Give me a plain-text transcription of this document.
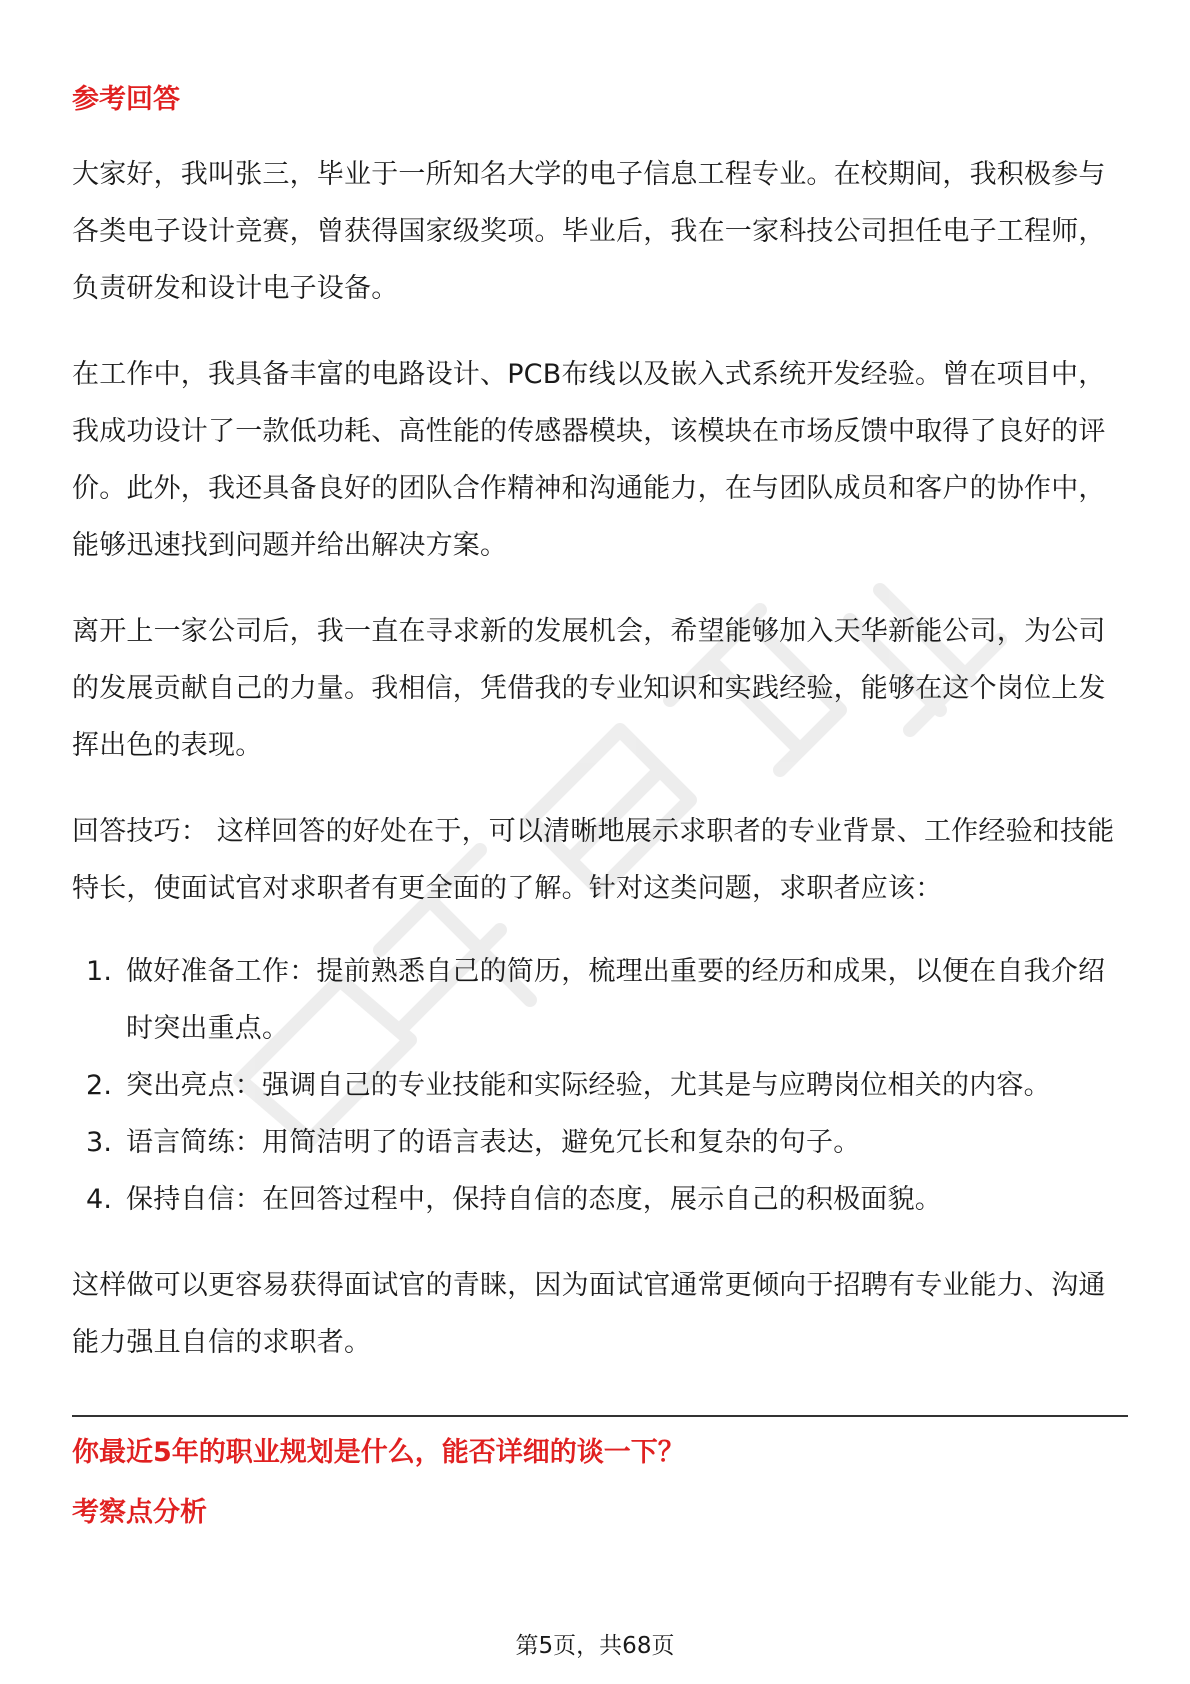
参考回答

大家好，我叫张三，毕业于一所知名大学的电子信息工程专业。在校期间，我积极参与各类电子设计竞赛，曾获得国家级奖项。毕业后，我在一家科技公司担任电子工程师，负责研发和设计电子设备。

在工作中，我具备丰富的电路设计、PCB布线以及嵌入式系统开发经验。曾在项目中，我成功设计了一款低功耗、高性能的传感器模块，该模块在市场反馈中取得了良好的评价。此外，我还具备良好的团队合作精神和沟通能力，在与团队成员和客户的协作中，能够迅速找到问题并给出解决方案。

离开上一家公司后，我一直在寻求新的发展机会，希望能够加入天华新能公司，为公司的发展贡献自己的力量。我相信，凭借我的专业知识和实践经验，能够在这个岗位上发挥出色的表现。

回答技巧： 这样回答的好处在于，可以清晰地展示求职者的专业背景、工作经验和技能特长，使面试官对求职者有更全面的了解。针对这类问题，求职者应该：

1. 做好准备工作：提前熟悉自己的简历，梳理出重要的经历和成果，以便在自我介绍时突出重点。
2. 突出亮点：强调自己的专业技能和实际经验，尤其是与应聘岗位相关的内容。
3. 语言简练：用简洁明了的语言表达，避免冗长和复杂的句子。
4. 保持自信：在回答过程中，保持自信的态度，展示自己的积极面貌。

这样做可以更容易获得面试官的青睐，因为面试官通常更倾向于招聘有专业能力、沟通能力强且自信的求职者。

你最近5年的职业规划是什么，能否详细的谈一下？
考察点分析
第5页，共68页
